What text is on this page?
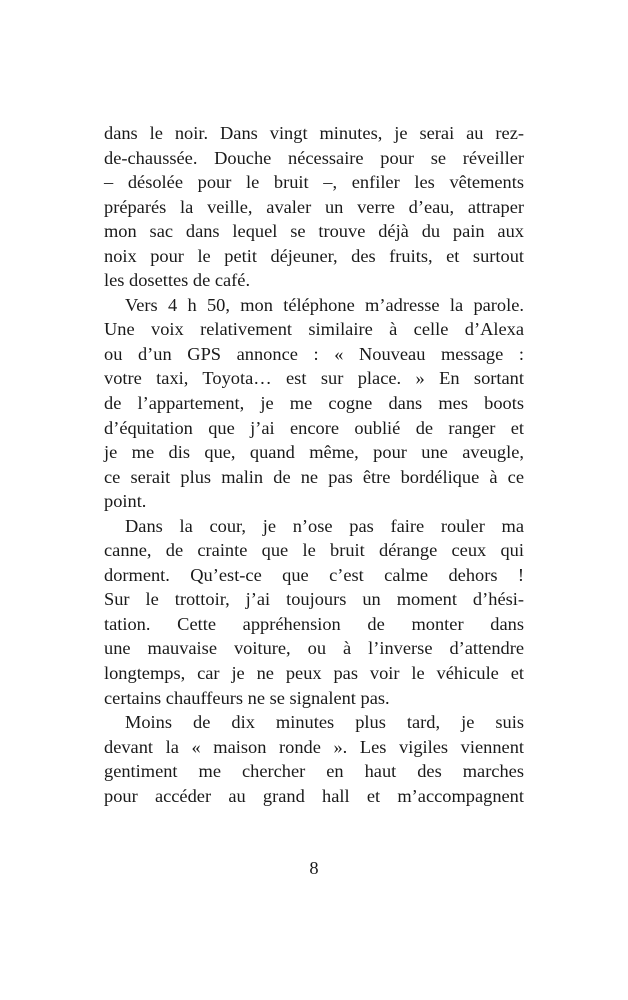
dans le noir. Dans vingt minutes, je serai au rez-
de-chaussée. Douche nécessaire pour se réveiller
– désolée pour le bruit –, enfiler les vêtements
préparés la veille, avaler un verre d’eau, attraper
mon sac dans lequel se trouve déjà du pain aux
noix pour le petit déjeuner, des fruits, et surtout
les dosettes de café.
Vers 4 h 50, mon téléphone m’adresse la parole.
Une voix relativement similaire à celle d’Alexa
ou d’un GPS annonce : « Nouveau message :
votre taxi, Toyota… est sur place. » En sortant
de l’appartement, je me cogne dans mes boots
d’équitation que j’ai encore oublié de ranger et
je me dis que, quand même, pour une aveugle,
ce serait plus malin de ne pas être bordélique à ce
point.
Dans la cour, je n’ose pas faire rouler ma
canne, de crainte que le bruit dérange ceux qui
dorment. Qu’est-ce que c’est calme dehors !
Sur le trottoir, j’ai toujours un moment d’hési-
tation. Cette appréhension de monter dans
une mauvaise voiture, ou à l’inverse d’attendre
longtemps, car je ne peux pas voir le véhicule et
certains chauffeurs ne se signalent pas.
Moins de dix minutes plus tard, je suis
devant la « maison ronde ». Les vigiles viennent
gentiment me chercher en haut des marches
pour accéder au grand hall et m’accompagnent
8
